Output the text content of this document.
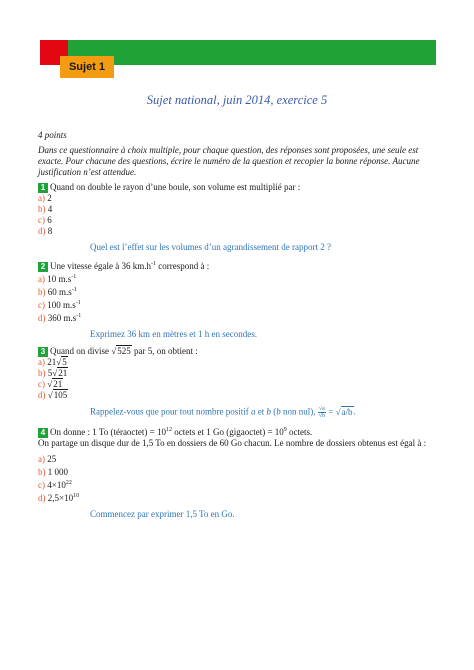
Sujet 1
Sujet national, juin 2014, exercice 5
4 points
Dans ce questionnaire à choix multiple, pour chaque question, des réponses sont proposées, une seule est exacte. Pour chacune des questions, écrire le numéro de la question et recopier la bonne réponse. Aucune justification n’est attendue.
1 Quand on double le rayon d’une boule, son volume est multiplié par :
a) 2
b) 4
c) 6
d) 8
Quel est l’effet sur les volumes d’un agrandissement de rapport 2 ?
2 Une vitesse égale à 36 $km.h^{-1}$ correspond à :
a) 10 $m.s^{-1}$
b) 60 $m.s^{-1}$
c) 100 $m.s^{-1}$
d) 360 $m.s^{-1}$
Exprimez 36 km en mètres et 1 h en secondes.
3 Quand on divise √525 par 5, on obtient :
a) 21√5
b) 5√21
c) √21
d) √105
Rappelez-vous que pour tout nombre positif a et b (b non nul), $\frac{√a}{√b} = √a/b$.
4 On donne : 1 To (téraoctet) = $10^{12}$ octets et 1 Go (gigaoctet) = $10^9$ octets.
On partage un disque dur de 1,5 To en dossiers de 60 Go chacun. Le nombre de dossiers obtenus est égal à :
a) 25
b) 1 000
c) $4\times 10^{22}$
d) $2,5\times 10^{10}$
Commencez par exprimer 1,5 To en Go.
